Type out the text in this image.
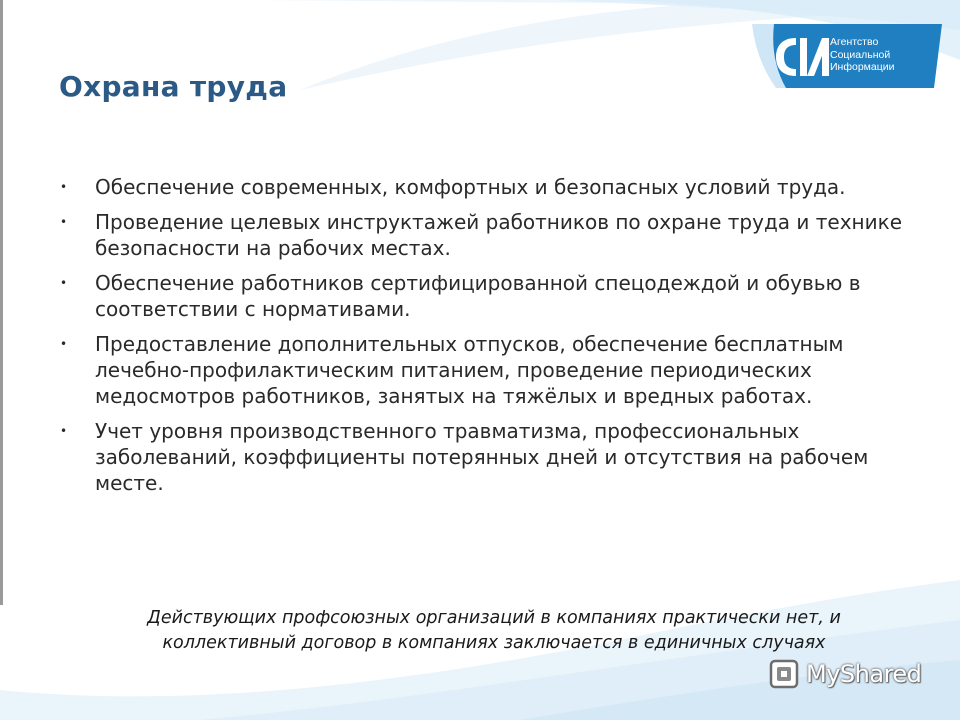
Агентство
Социальной
Информации
Охрана труда
• Обеспечение современных, комфортных и безопасных условий труда.
• Проведение целевых инструктажей работников по охране труда и технике безопасности на рабочих местах.
• Обеспечение работников сертифицированной спецодеждой и обувью в соответствии с нормативами.
• Предоставление дополнительных отпусков, обеспечение бесплатным лечебно-профилактическим питанием, проведение периодических медосмотров работников, занятых на тяжёлых и вредных работах.
• Учет уровня производственного травматизма, профессиональных заболеваний, коэффициенты потерянных дней и отсутствия на рабочем месте.
Действующих профсоюзных организаций в компаниях практически нет, и
коллективный договор в компаниях заключается в единичных случаях
MyShared
